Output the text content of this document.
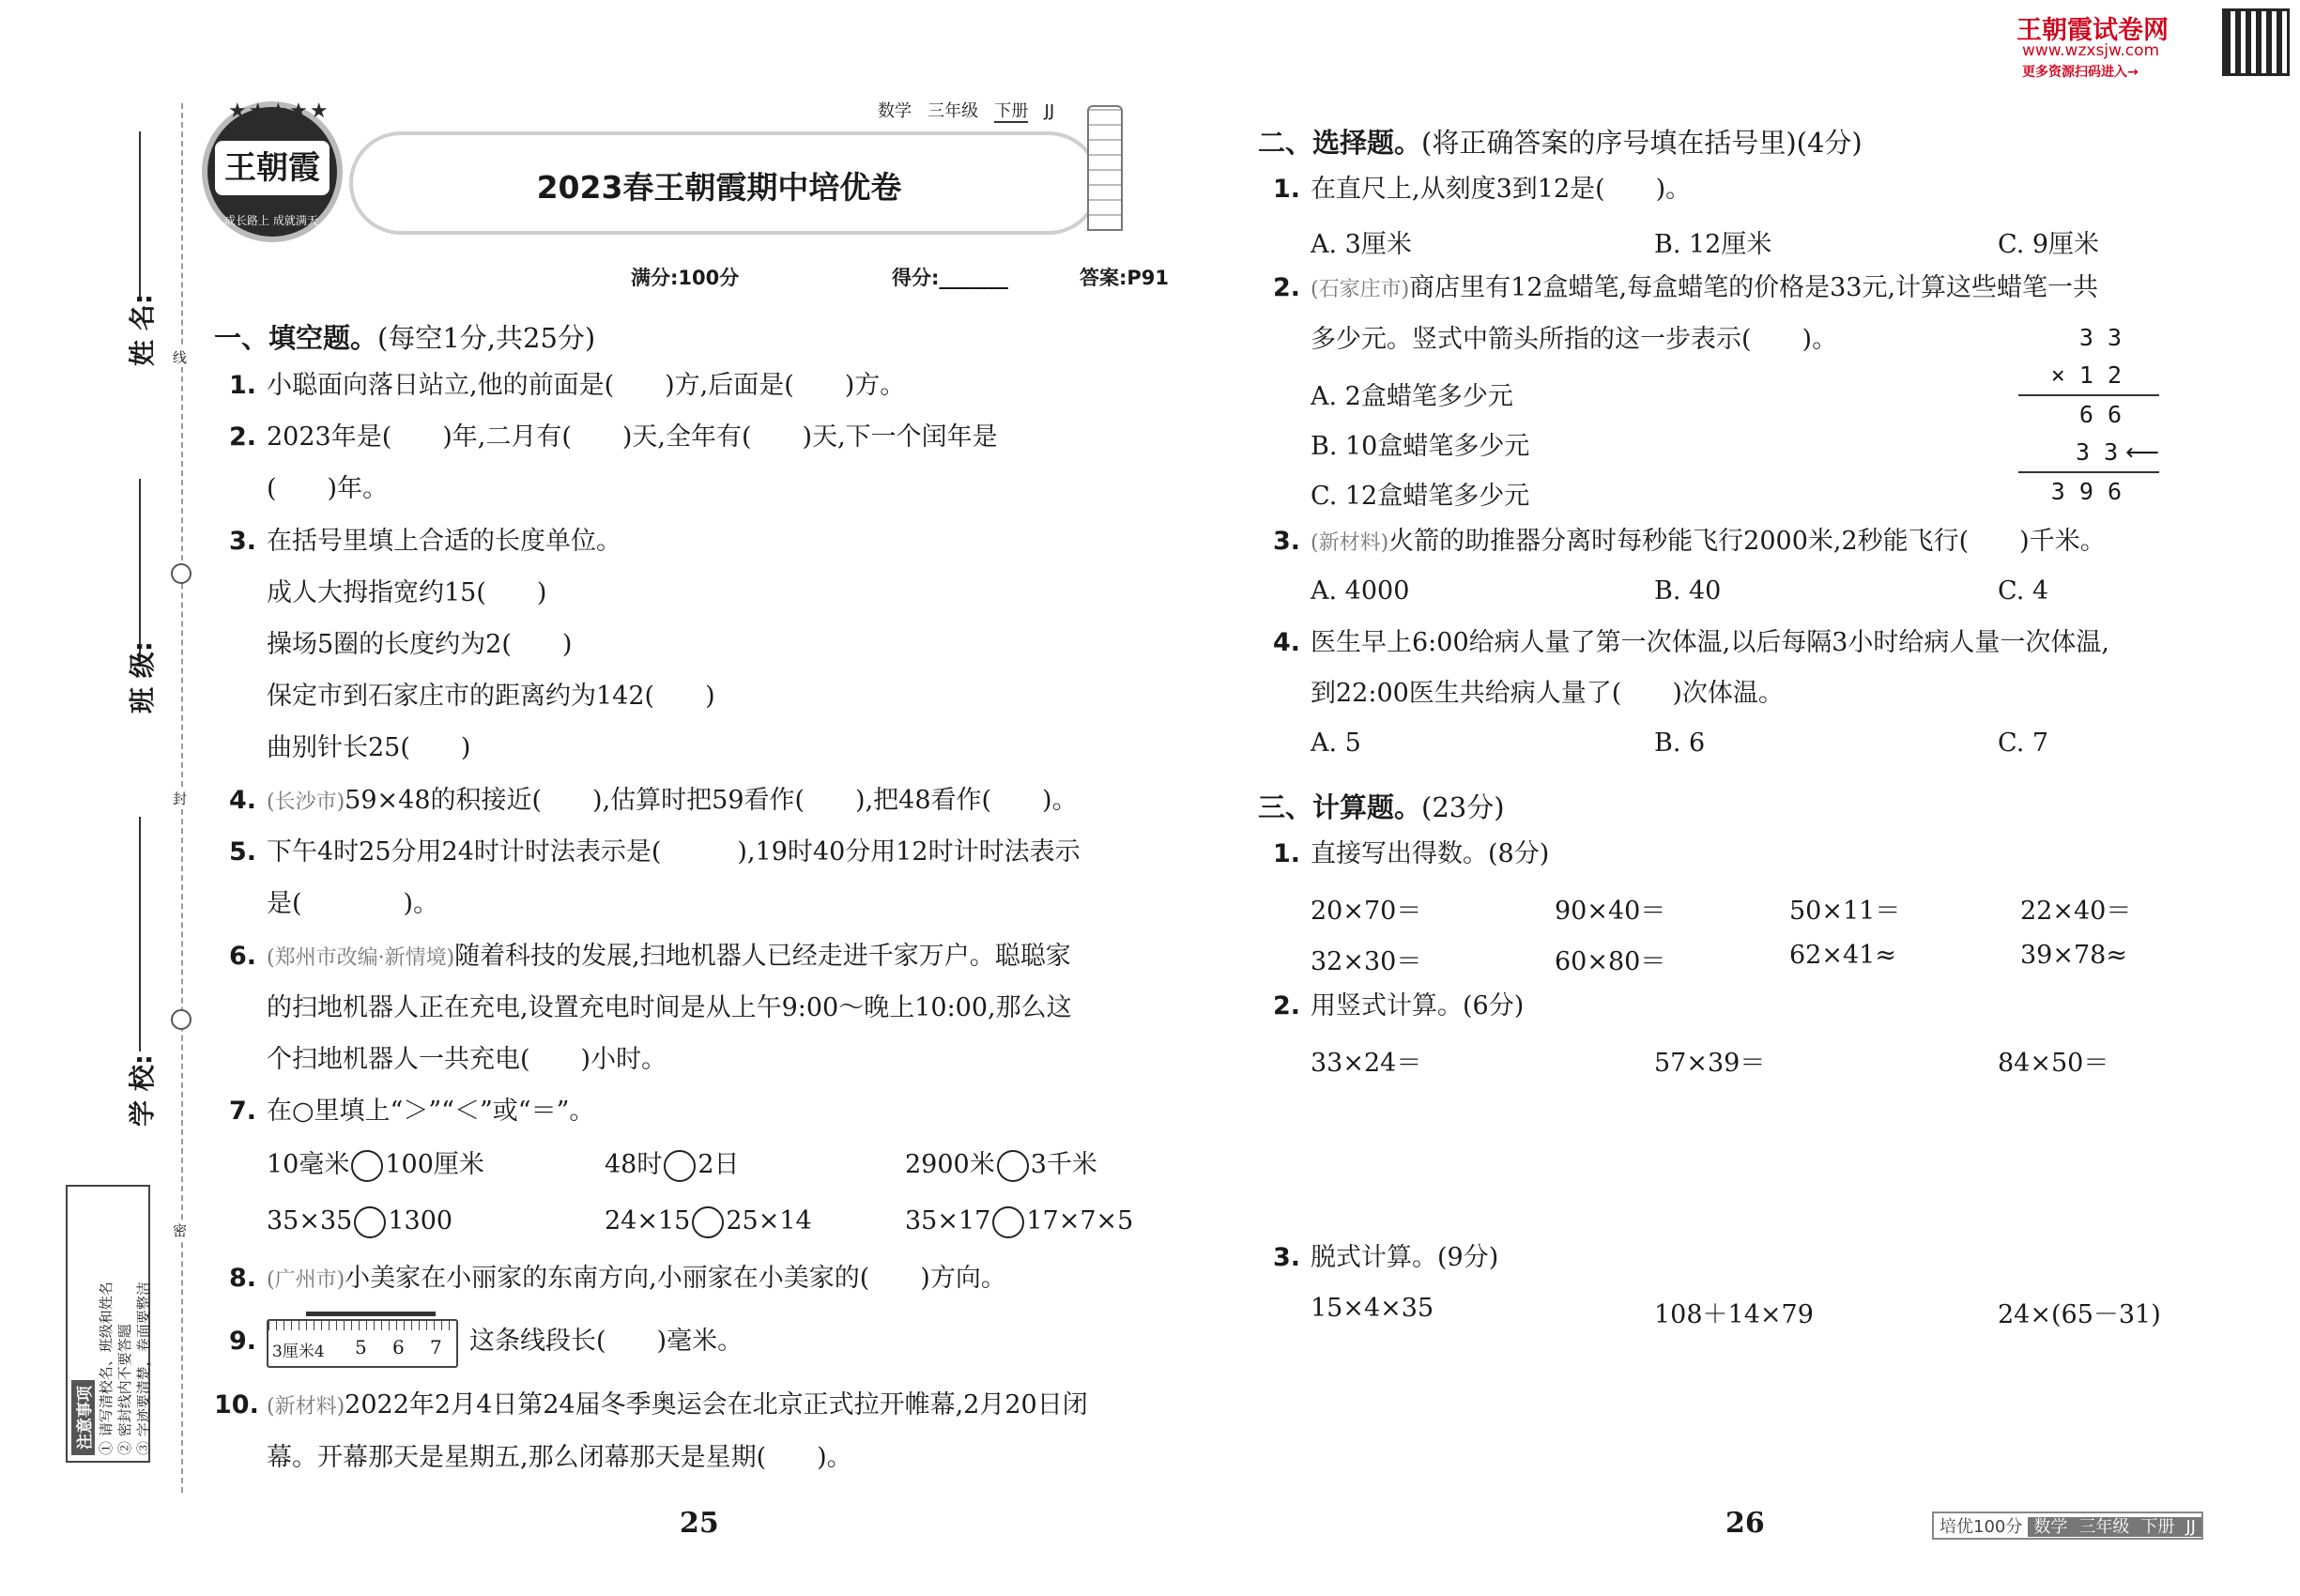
王朝霞试卷网
www.wzxsjw.com
更多资源扫码进入→
姓 名:
班 级:
学 校:
线
封
密
注意事项 ① 请写清校名、班级和姓名 ② 密封线内不要答题 ③ 字迹要清楚，卷面要整洁
★★★★★
王朝霞
成长路上 成就满天
2023春王朝霞期中培优卷
数学 三年级 下册 JJ
满分:100分	得分:_______	答案:P91
一、填空题。(每空1分,共25分)
1. 小聪面向落日站立,他的前面是(　　)方,后面是(　　)方。
2. 2023年是(　　)年,二月有(　　)天,全年有(　　)天,下一个闰年是
(　　)年。
3. 在括号里填上合适的长度单位。
成人大拇指宽约15(　　)
操场5圈的长度约为2(　　)
保定市到石家庄市的距离约为142(　　)
曲别针长25(　　)
4. (长沙市)59×48的积接近(　　),估算时把59看作(　　),把48看作(　　)。
5. 下午4时25分用24时计时法表示是(　　　),19时40分用12时计时法表示
是(　　　　)。
6. (郑州市改编·新情境)随着科技的发展,扫地机器人已经走进千家万户。聪聪家
的扫地机器人正在充电,设置充电时间是从上午9:00～晚上10:00,那么这
个扫地机器人一共充电(　　)小时。
7. 在○里填上“＞”“＜”或“＝”。
10毫米 100厘米	48时 2日	2900米 3千米
35×35 1300	24×15 25×14	35×17 17×7×5
8. (广州市)小美家在小丽家的东南方向,小丽家在小美家的(　　)方向。
9. 3厘米4 5 6 7 这条线段长(　　)毫米。
10. (新材料)2022年2月4日第24届冬季奥运会在北京正式拉开帷幕,2月20日闭
幕。开幕那天是星期五,那么闭幕那天是星期(　　)。
25
二、选择题。(将正确答案的序号填在括号里)(4分)
1. 在直尺上,从刻度3到12是(　　)。
A. 3厘米	B. 12厘米	C. 9厘米
2. (石家庄市)商店里有12盒蜡笔,每盒蜡笔的价格是33元,计算这些蜡笔一共
多少元。竖式中箭头所指的这一步表示(　　)。
A. 2盒蜡笔多少元
B. 10盒蜡笔多少元
C. 12盒蜡笔多少元
3 3
× 1 2
6 6
3 3 ⟵
3 9 6
3. (新材料)火箭的助推器分离时每秒能飞行2000米,2秒能飞行(　　)千米。
A. 4000	B. 40	C. 4
4. 医生早上6:00给病人量了第一次体温,以后每隔3小时给病人量一次体温,
到22:00医生共给病人量了(　　)次体温。
A. 5	B. 6	C. 7
三、计算题。(23分)
1. 直接写出得数。(8分)
20×70＝	90×40＝	50×11＝	22×40＝
32×30＝	60×80＝	62×41≈	39×78≈
2. 用竖式计算。(6分)
33×24＝	57×39＝	84×50＝
3. 脱式计算。(9分)
15×4×35	108＋14×79	24×(65－31)
26	培优100分 数学 三年级 下册 JJ
